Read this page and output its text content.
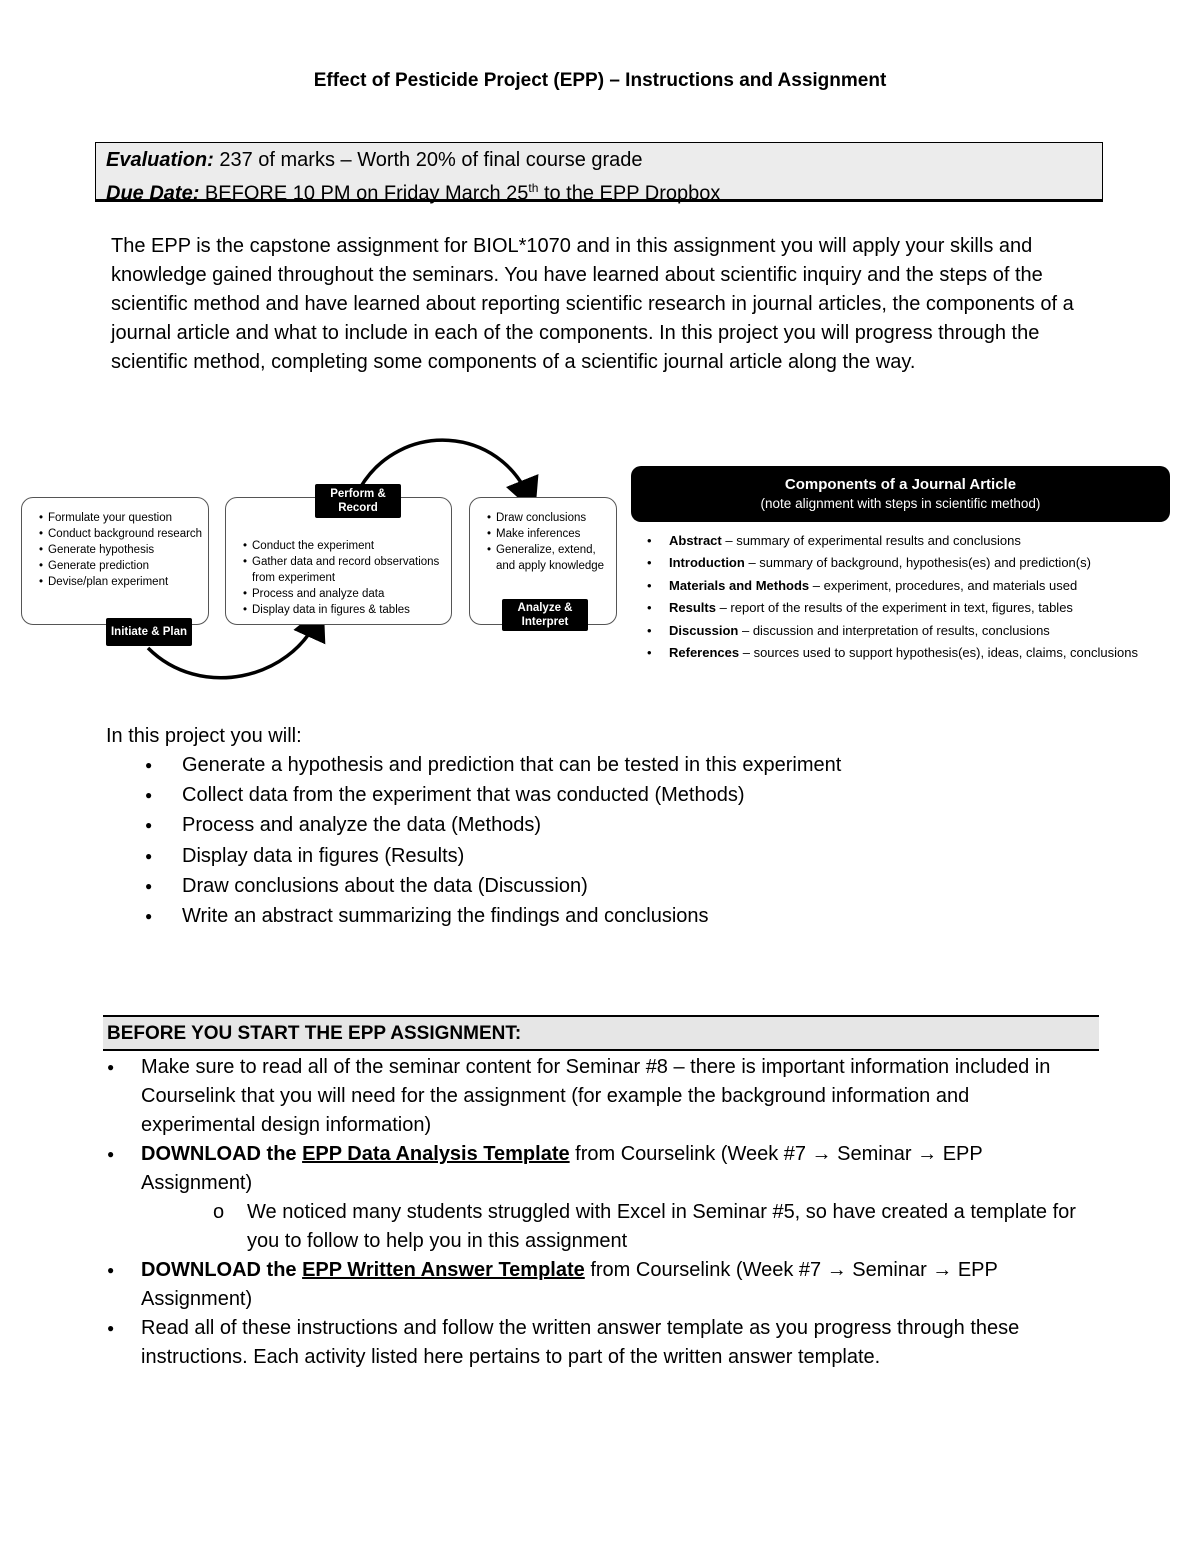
Effect of Pesticide Project (EPP) – Instructions and Assignment
Evaluation: 237 of marks – Worth 20% of final course grade
Due Date: BEFORE 10 PM on Friday March 25th to the EPP Dropbox
The EPP is the capstone assignment for BIOL*1070 and in this assignment you will apply your skills and knowledge gained throughout the seminars. You have learned about scientific inquiry and the steps of the scientific method and have learned about reporting scientific research in journal articles, the components of a journal article and what to include in each of the components. In this project you will progress through the scientific method, completing some components of a scientific journal article along the way.
• Formulate your question
• Conduct background research
• Generate hypothesis
• Generate prediction
• Devise/plan experiment
Initiate & Plan
• Conduct the experiment
• Gather data and record observations from experiment
• Process and analyze data
• Display data in figures & tables
Perform & Record
• Draw conclusions
• Make inferences
• Generalize, extend, and apply knowledge
Analyze & Interpret
Components of a Journal Article
(note alignment with steps in scientific method)
• Abstract – summary of experimental results and conclusions
• Introduction – summary of background, hypothesis(es) and prediction(s)
• Materials and Methods – experiment, procedures, and materials used
• Results – report of the results of the experiment in text, figures, tables
• Discussion – discussion and interpretation of results, conclusions
• References – sources used to support hypothesis(es), ideas, claims, conclusions
In this project you will:
● Generate a hypothesis and prediction that can be tested in this experiment
● Collect data from the experiment that was conducted (Methods)
● Process and analyze the data (Methods)
● Display data in figures (Results)
● Draw conclusions about the data (Discussion)
● Write an abstract summarizing the findings and conclusions
BEFORE YOU START THE EPP ASSIGNMENT:
● Make sure to read all of the seminar content for Seminar #8 – there is important information included in Courselink that you will need for the assignment (for example the background information and experimental design information)
● DOWNLOAD the EPP Data Analysis Template from Courselink (Week #7 → Seminar → EPP Assignment)
o We noticed many students struggled with Excel in Seminar #5, so have created a template for you to follow to help you in this assignment
● DOWNLOAD the EPP Written Answer Template from Courselink (Week #7 → Seminar → EPP Assignment)
● Read all of these instructions and follow the written answer template as you progress through these instructions. Each activity listed here pertains to part of the written answer template.
